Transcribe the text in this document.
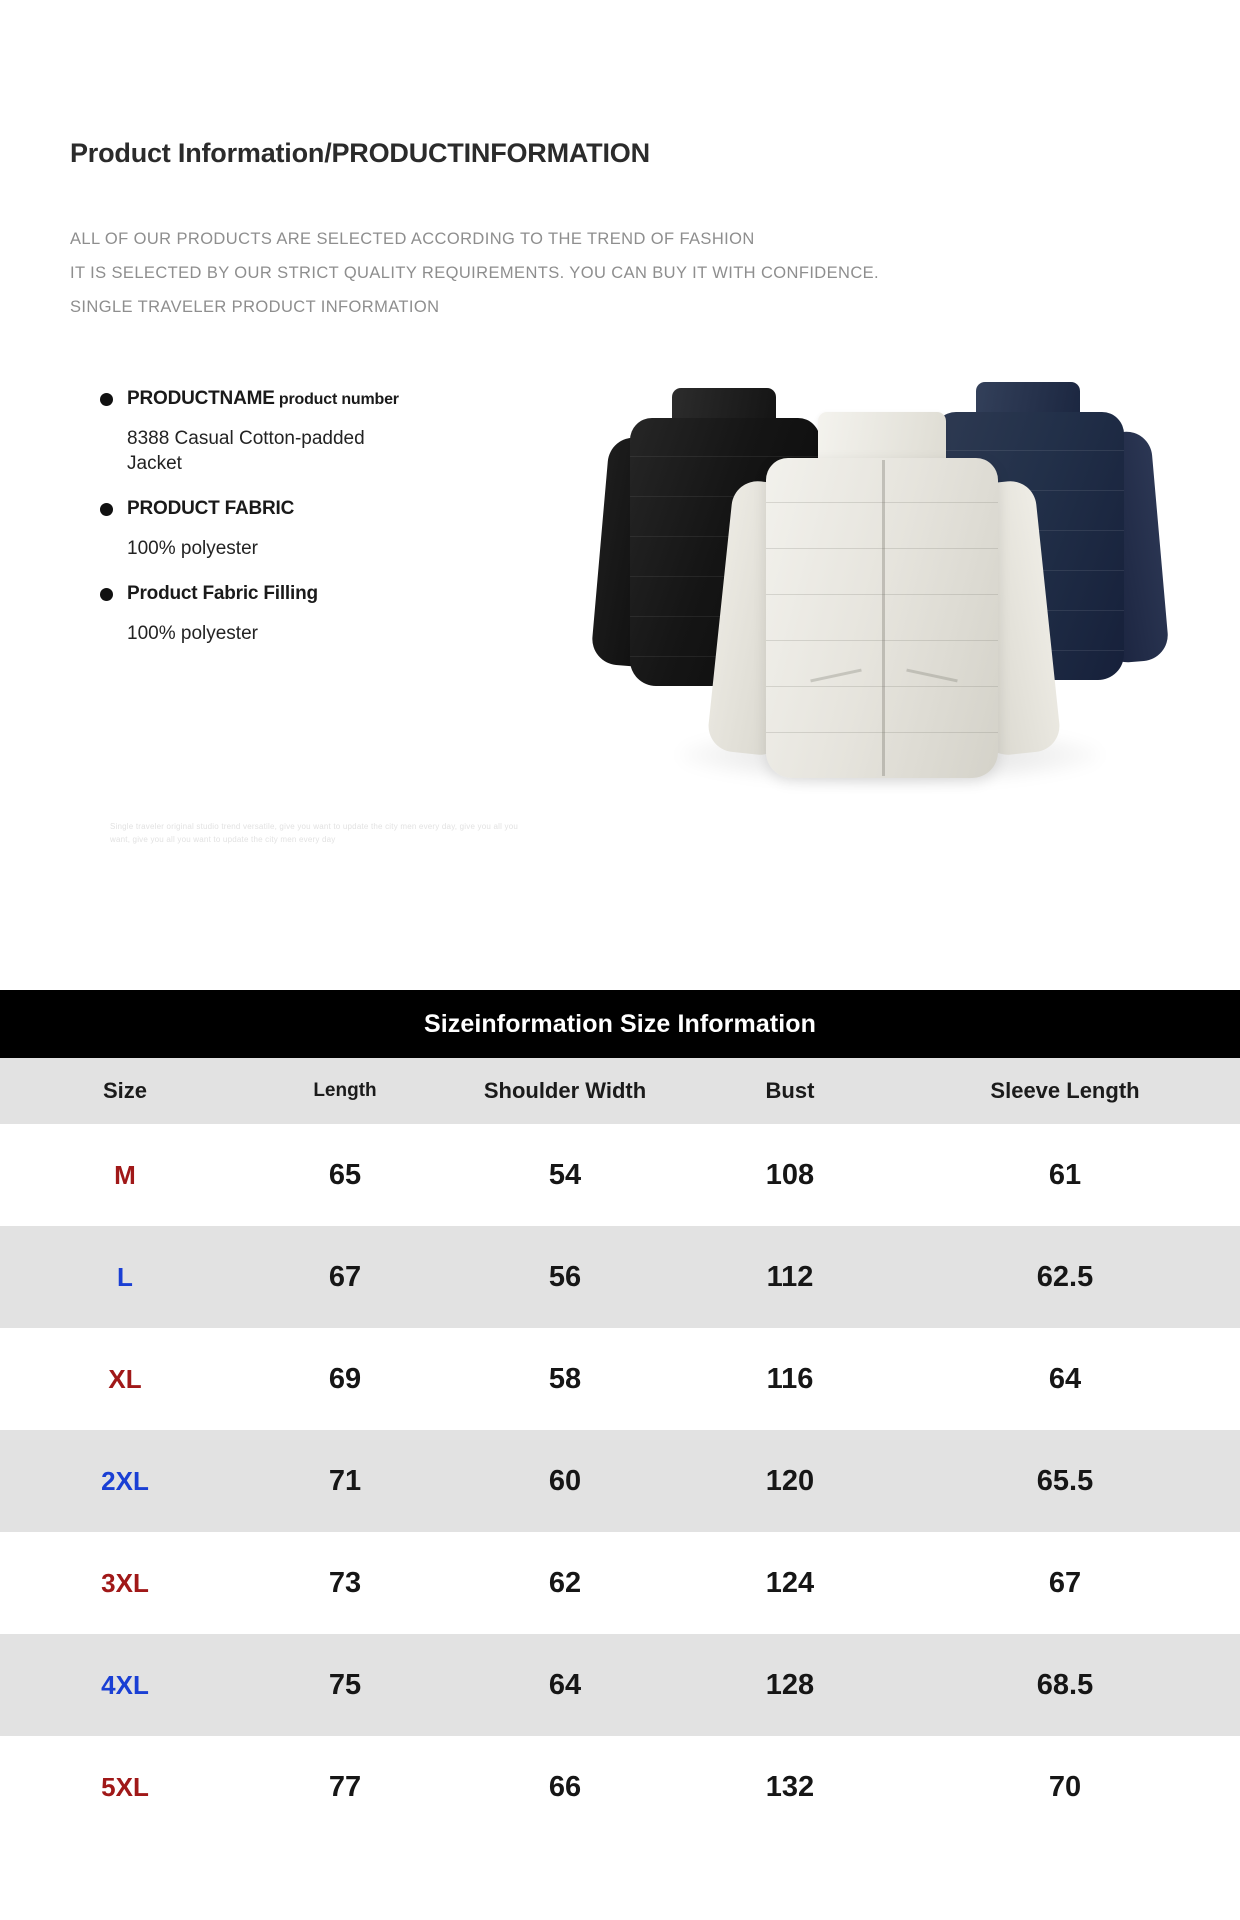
Product Information/PRODUCTINFORMATION
ALL OF OUR PRODUCTS ARE SELECTED ACCORDING TO THE TREND OF FASHION
IT IS SELECTED BY OUR STRICT QUALITY REQUIREMENTS. YOU CAN BUY IT WITH CONFIDENCE.
SINGLE TRAVELER PRODUCT INFORMATION
PRODUCTNAME product number
8388 Casual Cotton-padded Jacket
PRODUCT FABRIC
100% polyester
Product Fabric Filling
100% polyester
Single traveler original studio trend versatile, give you want to update the city men every day, give you all you want, give you all you want to update the city men every day
Sizeinformation Size Information
Size	Length	Shoulder Width	Bust	Sleeve Length
M	65	54	108	61
L	67	56	112	62.5
XL	69	58	116	64
2XL	71	60	120	65.5
3XL	73	62	124	67
4XL	75	64	128	68.5
5XL	77	66	132	70
